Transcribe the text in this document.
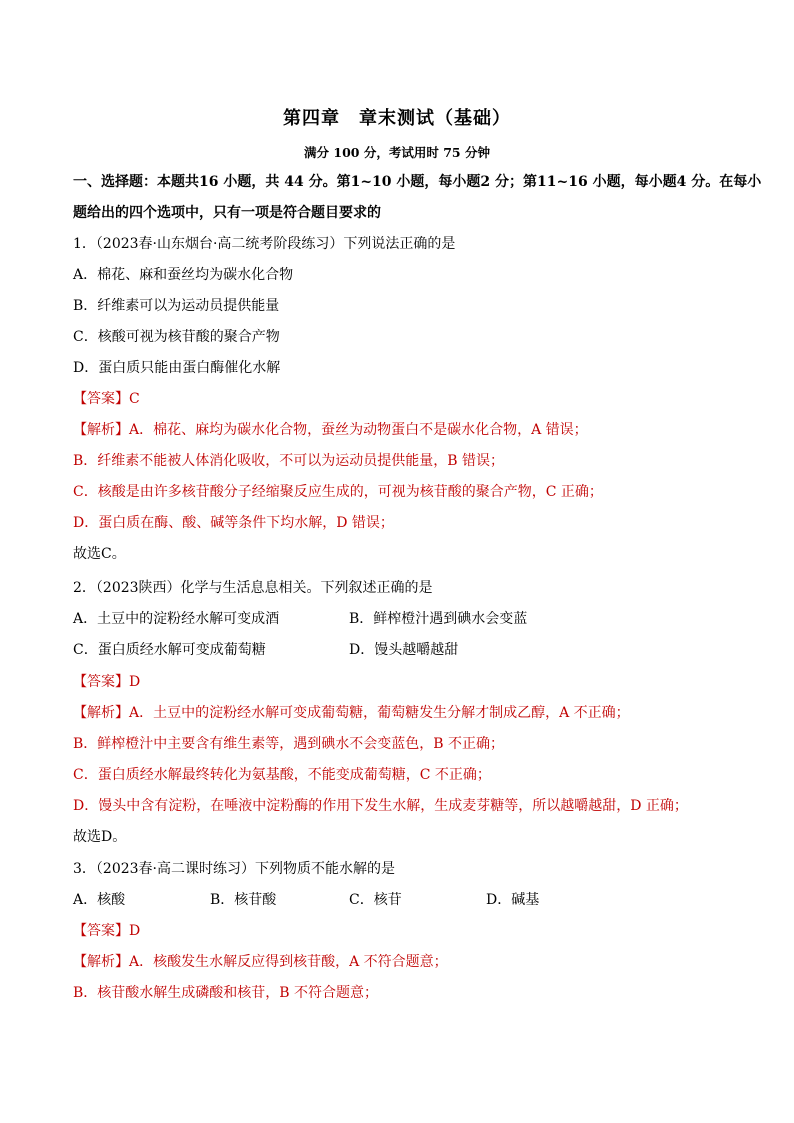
第四章　章末测试（基础）
满分 100 分，考试用时 75 分钟
一、选择题：本题共16 小题，共 44 分。第1~10 小题，每小题2 分；第11~16 小题，每小题4 分。在每小
题给出的四个选项中，只有一项是符合题目要求的
1．（2023春·山东烟台·高二统考阶段练习）下列说法正确的是
A．棉花、麻和蚕丝均为碳水化合物
B．纤维素可以为运动员提供能量
C．核酸可视为核苷酸的聚合产物
D．蛋白质只能由蛋白酶催化水解
【答案】C
【解析】A．棉花、麻均为碳水化合物，蚕丝为动物蛋白不是碳水化合物，A 错误；
B．纤维素不能被人体消化吸收，不可以为运动员提供能量，B 错误；
C．核酸是由许多核苷酸分子经缩聚反应生成的，可视为核苷酸的聚合产物，C 正确；
D．蛋白质在酶、酸、碱等条件下均水解，D 错误；
故选C。
2．（2023陕西）化学与生活息息相关。下列叙述正确的是
A．土豆中的淀粉经水解可变成酒	B．鲜榨橙汁遇到碘水会变蓝
C．蛋白质经水解可变成葡萄糖	D．馒头越嚼越甜
【答案】D
【解析】A．土豆中的淀粉经水解可变成葡萄糖，葡萄糖发生分解才制成乙醇，A 不正确；
B．鲜榨橙汁中主要含有维生素等，遇到碘水不会变蓝色，B 不正确；
C．蛋白质经水解最终转化为氨基酸，不能变成葡萄糖，C 不正确；
D．馒头中含有淀粉，在唾液中淀粉酶的作用下发生水解，生成麦芽糖等，所以越嚼越甜，D 正确；
故选D。
3．（2023春·高二课时练习）下列物质不能水解的是
A．核酸	B．核苷酸	C．核苷	D．碱基
【答案】D
【解析】A．核酸发生水解反应得到核苷酸，A 不符合题意；
B．核苷酸水解生成磷酸和核苷，B 不符合题意；
